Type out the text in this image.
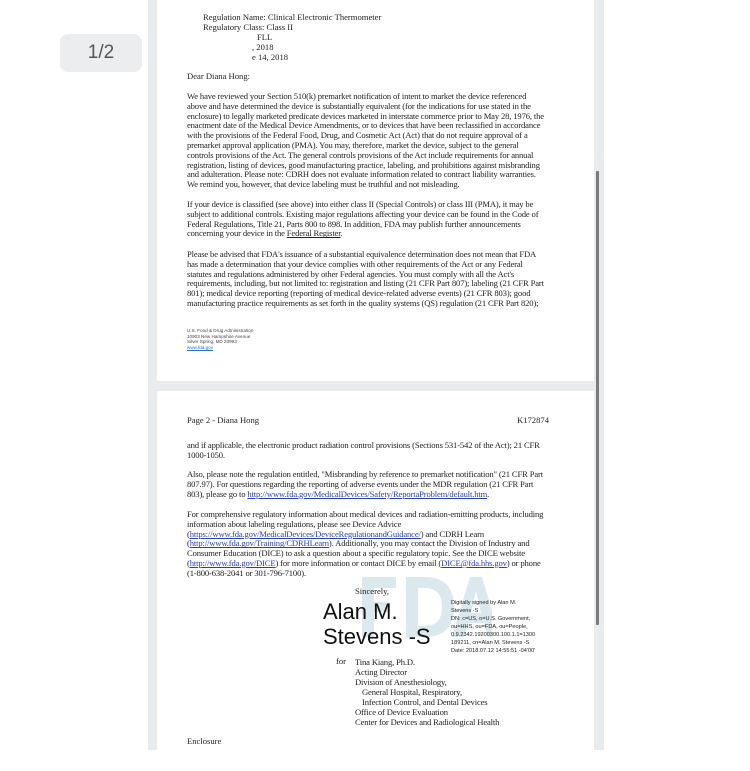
Regulation Name: Clinical Electronic Thermometer
Regulatory Class: Class II
FLL
, 2018
e 14, 2018
Dear Diana Hong:
We have reviewed your Section 510(k) premarket notification of intent to market the device referenced
above and have determined the device is substantially equivalent (for the indications for use stated in the
enclosure) to legally marketed predicate devices marketed in interstate commerce prior to May 28, 1976, the
enactment date of the Medical Device Amendments, or to devices that have been reclassified in accordance
with the provisions of the Federal Food, Drug, and Cosmetic Act (Act) that do not require approval of a
premarket approval application (PMA). You may, therefore, market the device, subject to the general
controls provisions of the Act. The general controls provisions of the Act include requirements for annual
registration, listing of devices, good manufacturing practice, labeling, and prohibitions against misbranding
and adulteration. Please note: CDRH does not evaluate information related to contract liability warranties.
We remind you, however, that device labeling must be truthful and not misleading.
If your device is classified (see above) into either class II (Special Controls) or class III (PMA), it may be
subject to additional controls. Existing major regulations affecting your device can be found in the Code of
Federal Regulations, Title 21, Parts 800 to 898. In addition, FDA may publish further announcements
concerning your device in the Federal Register.
Please be advised that FDA's issuance of a substantial equivalence determination does not mean that FDA
has made a determination that your device complies with other requirements of the Act or any Federal
statutes and regulations administered by other Federal agencies. You must comply with all the Act's
requirements, including, but not limited to: registration and listing (21 CFR Part 807); labeling (21 CFR Part
801); medical device reporting (reporting of medical device-related adverse events) (21 CFR 803); good
manufacturing practice requirements as set forth in the quality systems (QS) regulation (21 CFR Part 820);
U.S. Food & Drug Administration
10903 New Hampshire Avenue
Silver Spring, MD 20993
www.fda.gov
Page 2 - Diana Hong	K172874
and if applicable, the electronic product radiation control provisions (Sections 531-542 of the Act); 21 CFR
1000-1050.
Also, please note the regulation entitled, "Misbranding by reference to premarket notification" (21 CFR Part
807.97). For questions regarding the reporting of adverse events under the MDR regulation (21 CFR Part
803), please go to http://www.fda.gov/MedicalDevices/Safety/ReportaProblem/default.htm.
For comprehensive regulatory information about medical devices and radiation-emitting products, including
information about labeling regulations, please see Device Advice
(https://www.fda.gov/MedicalDevices/DeviceRegulationandGuidance/) and CDRH Learn
(http://www.fda.gov/Training/CDRHLearn). Additionally, you may contact the Division of Industry and
Consumer Education (DICE) to ask a question about a specific regulatory topic. See the DICE website
(http://www.fda.gov/DICE) for more information or contact DICE by email (DICE@fda.hhs.gov) or phone
(1-800-638-2041 or 301-796-7100).
Sincerely,
Alan M.
Stevens -S
Digitally signed by Alan M.
Stevens -S
DN: c=US, o=U.S. Government,
ou=HHS, ou=FDA, ou=People,
0.9.2342.19200300.100.1.1=1300
189211, cn=Alan M. Stevens -S
Date: 2018.07.12 14:55:51 -04'00'
for Tina Kiang, Ph.D.
Acting Director
Division of Anesthesiology,
General Hospital, Respiratory,
Infection Control, and Dental Devices
Office of Device Evaluation
Center for Devices and Radiological Health
Enclosure
1/2
